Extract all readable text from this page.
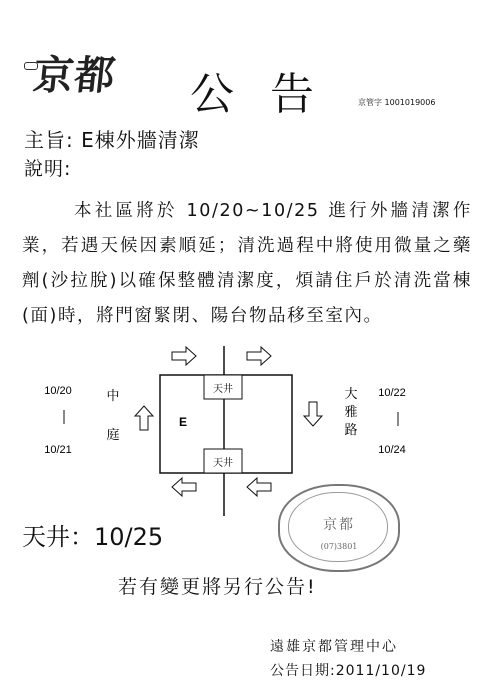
京都 公告 京管字 1001019006
主旨: E棟外牆清潔
說明:

本社區將於 10/20~10/25 進行外牆清潔作業，若遇天候因素順延；清洗過程中將使用微量之藥劑(沙拉脫)以確保整體清潔度，煩請住戶於清洗當棟(面)時，將門窗緊閉、陽台物品移至室內。

天井
天井
E
10/20
10/21
中
庭
大
雅
路
10/22
10/24
京都
(07)3801
天井：10/25
若有變更將另行公告!
遠雄京都管理中心
公告日期:2011/10/19
